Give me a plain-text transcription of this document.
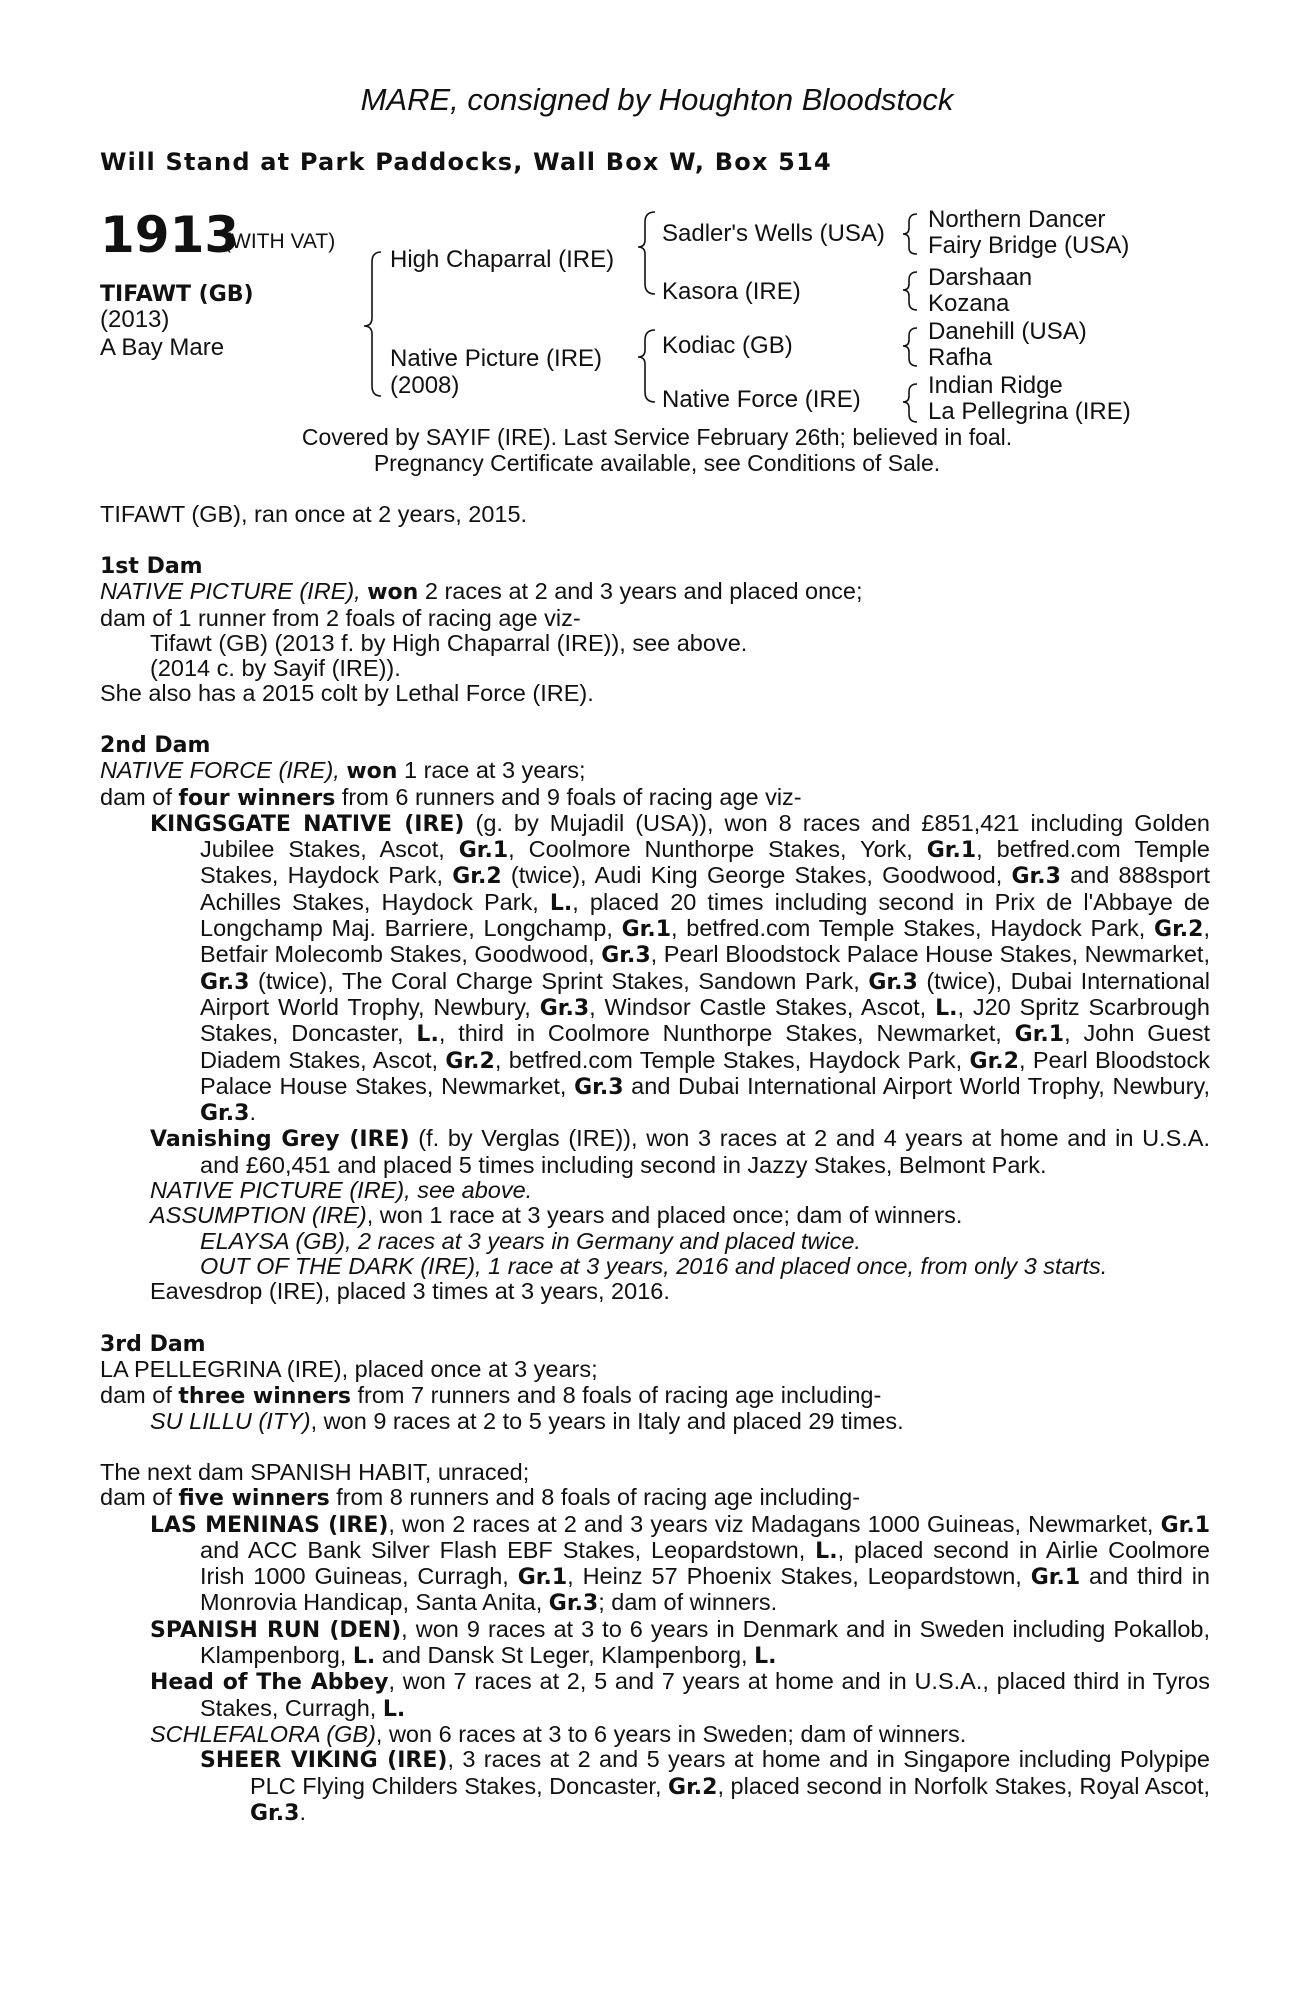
MARE, consigned by Houghton Bloodstock
Will Stand at Park Paddocks, Wall Box W, Box 514
1913
(WITH VAT)
TIFAWT (GB)
(2013)
A Bay Mare
High Chaparral (IRE)
Native Picture (IRE)
(2008)
Sadler's Wells (USA)
Kasora (IRE)
Kodiac (GB)
Native Force (IRE)
Northern Dancer
Fairy Bridge (USA)
Darshaan
Kozana
Danehill (USA)
Rafha
Indian Ridge
La Pellegrina (IRE)
Covered by SAYIF (IRE). Last Service February 26th; believed in foal.
Pregnancy Certificate available, see Conditions of Sale.

TIFAWT (GB), ran once at 2 years, 2015.

1st Dam

NATIVE PICTURE (IRE), won 2 races at 2 and 3 years and placed once;

dam of 1 runner from 2 foals of racing age viz-

Tifawt (GB) (2013 f. by High Chaparral (IRE)), see above.

(2014 c. by Sayif (IRE)).

She also has a 2015 colt by Lethal Force (IRE).

2nd Dam

NATIVE FORCE (IRE), won 1 race at 3 years;

dam of four winners from 6 runners and 9 foals of racing age viz-

KINGSGATE NATIVE (IRE) (g. by Mujadil (USA)), won 8 races and £851,421 including Golden Jubilee Stakes, Ascot, Gr.1, Coolmore Nunthorpe Stakes, York, Gr.1, betfred.com Temple Stakes, Haydock Park, Gr.2 (twice), Audi King George Stakes, Goodwood, Gr.3 and 888sport Achilles Stakes, Haydock Park, L., placed 20 times including second in Prix de l'Abbaye de Longchamp Maj. Barriere, Longchamp, Gr.1, betfred.com Temple Stakes, Haydock Park, Gr.2, Betfair Molecomb Stakes, Goodwood, Gr.3, Pearl Bloodstock Palace House Stakes, Newmarket, Gr.3 (twice), The Coral Charge Sprint Stakes, Sandown Park, Gr.3 (twice), Dubai International Airport World Trophy, Newbury, Gr.3, Windsor Castle Stakes, Ascot, L., J20 Spritz Scarbrough Stakes, Doncaster, L., third in Coolmore Nunthorpe Stakes, Newmarket, Gr.1, John Guest Diadem Stakes, Ascot, Gr.2, betfred.com Temple Stakes, Haydock Park, Gr.2, Pearl Bloodstock Palace House Stakes, Newmarket, Gr.3 and Dubai International Airport World Trophy, Newbury, Gr.3.

Vanishing Grey (IRE) (f. by Verglas (IRE)), won 3 races at 2 and 4 years at home and in U.S.A. and £60,451 and placed 5 times including second in Jazzy Stakes, Belmont Park.

NATIVE PICTURE (IRE), see above.

ASSUMPTION (IRE), won 1 race at 3 years and placed once; dam of winners.

ELAYSA (GB), 2 races at 3 years in Germany and placed twice.

OUT OF THE DARK (IRE), 1 race at 3 years, 2016 and placed once, from only 3 starts.

Eavesdrop (IRE), placed 3 times at 3 years, 2016.

3rd Dam

LA PELLEGRINA (IRE), placed once at 3 years;

dam of three winners from 7 runners and 8 foals of racing age including-

SU LILLU (ITY), won 9 races at 2 to 5 years in Italy and placed 29 times.

The next dam SPANISH HABIT, unraced;

dam of five winners from 8 runners and 8 foals of racing age including-

LAS MENINAS (IRE), won 2 races at 2 and 3 years viz Madagans 1000 Guineas, Newmarket, Gr.1 and ACC Bank Silver Flash EBF Stakes, Leopardstown, L., placed second in Airlie Coolmore Irish 1000 Guineas, Curragh, Gr.1, Heinz 57 Phoenix Stakes, Leopardstown, Gr.1 and third in Monrovia Handicap, Santa Anita, Gr.3; dam of winners.

SPANISH RUN (DEN), won 9 races at 3 to 6 years in Denmark and in Sweden including Pokallob, Klampenborg, L. and Dansk St Leger, Klampenborg, L.

Head of The Abbey, won 7 races at 2, 5 and 7 years at home and in U.S.A., placed third in Tyros Stakes, Curragh, L.

SCHLEFALORA (GB), won 6 races at 3 to 6 years in Sweden; dam of winners.

SHEER VIKING (IRE), 3 races at 2 and 5 years at home and in Singapore including Polypipe PLC Flying Childers Stakes, Doncaster, Gr.2, placed second in Norfolk Stakes, Royal Ascot, Gr.3.
